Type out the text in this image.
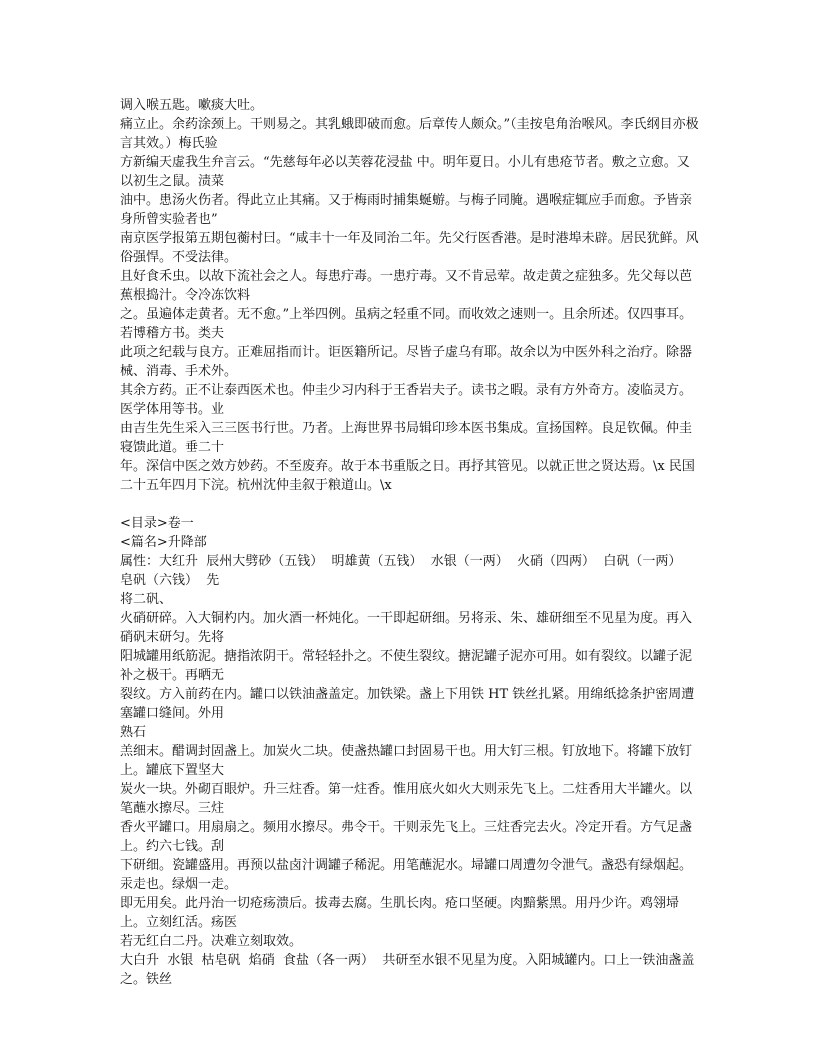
调入喉五匙。嗽痰大吐。
痛立止。余药涂颈上。干则易之。其乳蛾即破而愈。后章传人颇众。”（圭按皂角治喉风。李氏纲目亦极言其效。）梅氏验
方新编天虚我生弁言云。“先慈每年必以芙蓉花浸盐 中。明年夏日。小儿有患疮节者。敷之立愈。又以初生之鼠。渍菜
油中。患汤火伤者。得此立止其痛。又于梅雨时捕集蜒蝣。与梅子同腌。遇喉症辄应手而愈。予皆亲身所曾实验者也”
南京医学报第五期包蘅村曰。“咸丰十一年及同治二年。先父行医香港。是时港埠未辟。居民犹鲜。风俗强悍。不受法律。
且好食禾虫。以故下流社会之人。每患疔毒。一患疔毒。又不肯忌荤。故走黄之症独多。先父每以芭蕉根捣汁。令冷冻饮料
之。虽遍体走黄者。无不愈。”上举四例。虽病之轻重不同。而收效之速则一。且余所述。仅四事耳。若博稽方书。类夫
此项之纪载与良方。正难屈指而计。讵医籍所记。尽皆子虚乌有耶。故余以为中医外科之治疗。除器械、消毒、手术外。
其余方药。正不让泰西医术也。仲圭少习内科于王香岩夫子。读书之暇。录有方外奇方。凌临灵方。医学体用等书。业
由吉生先生采入三三医书行世。乃者。上海世界书局辑印珍本医书集成。宣扬国粹。良足钦佩。仲圭寝馈此道。垂二十
年。深信中医之效方妙药。不至废弃。故于本书重版之日。再抒其管见。以就正世之贤达焉。\x 民国二十五年四月下浣。杭州沈仲圭叙于粮道山。\x
<目录>卷一
<篇名>升降部
属性：大红升  辰州大劈砂（五钱）  明雄黄（五钱）  水银（一两）  火硝（四两）  白矾（一两）  皂矾（六钱）  先
将二矾、
火硝研碎。入大铜杓内。加火酒一杯炖化。一干即起研细。另将汞、朱、雄研细至不见星为度。再入硝矾末研匀。先将
阳城罐用纸筋泥。搪指浓阴干。常轻轻扑之。不使生裂纹。搪泥罐子泥亦可用。如有裂纹。以罐子泥补之极干。再晒无
裂纹。方入前药在内。罐口以铁油盏盖定。加铁梁。盏上下用铁 HT 铁丝扎紧。用绵纸捻条护密周遭塞罐口缝间。外用
熟石
羔细末。醋调封固盏上。加炭火二块。使盏热罐口封固易干也。用大钉三根。钉放地下。将罐下放钉上。罐底下置坚大
炭火一块。外砌百眼炉。升三炷香。第一炷香。惟用底火如火大则汞先飞上。二炷香用大半罐火。以笔蘸水擦尽。三炷
香火平罐口。用扇扇之。频用水擦尽。弗令干。干则汞先飞上。三炷香完去火。冷定开看。方气足盏上。约六七钱。刮
下研细。瓷罐盛用。再预以盐卤汁调罐子稀泥。用笔蘸泥水。埽罐口周遭勿令泄气。盏恐有绿烟起。汞走也。绿烟一走。
即无用矣。此丹治一切疮疡溃后。拔毒去腐。生肌长肉。疮口坚硬。肉黯紫黑。用丹少许。鸡翎埽上。立刻红活。疡医
若无红白二丹。决难立刻取效。
大白升  水银  枯皂矾  焰硝  食盐（各一两）  共研至水银不见星为度。入阳城罐内。口上一铁油盏盖之。铁丝
